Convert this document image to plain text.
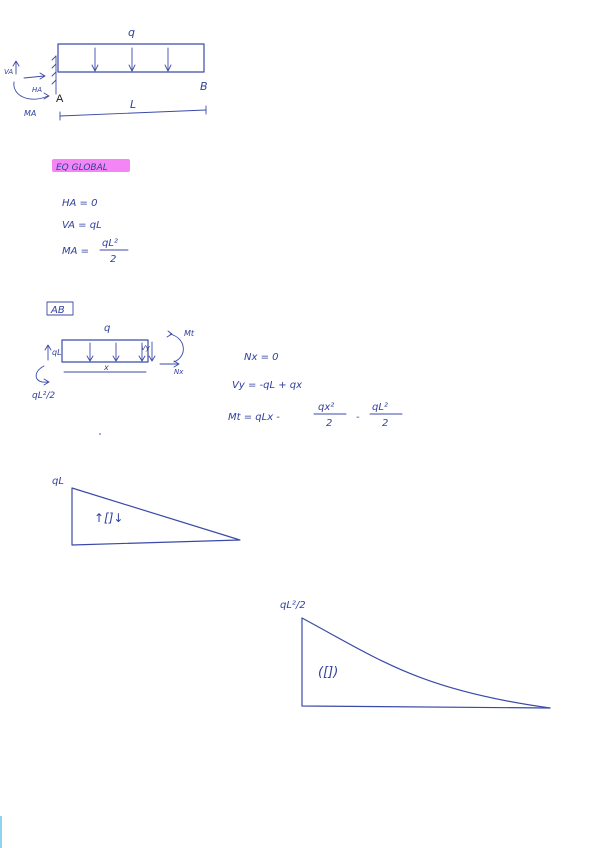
q
VA
HA
MA
A
B
L
EQ GLOBAL
HA = 0
VA = qL
MA =
qL²
2
AB
q
qL
qL²/2
Vy
Mt
Nx
x
Nx = 0
Vy = -qL + qx
Mt = qLx -
qx²
2
-
qL²
2
qL
↑[]↓
qL²/2
([])
